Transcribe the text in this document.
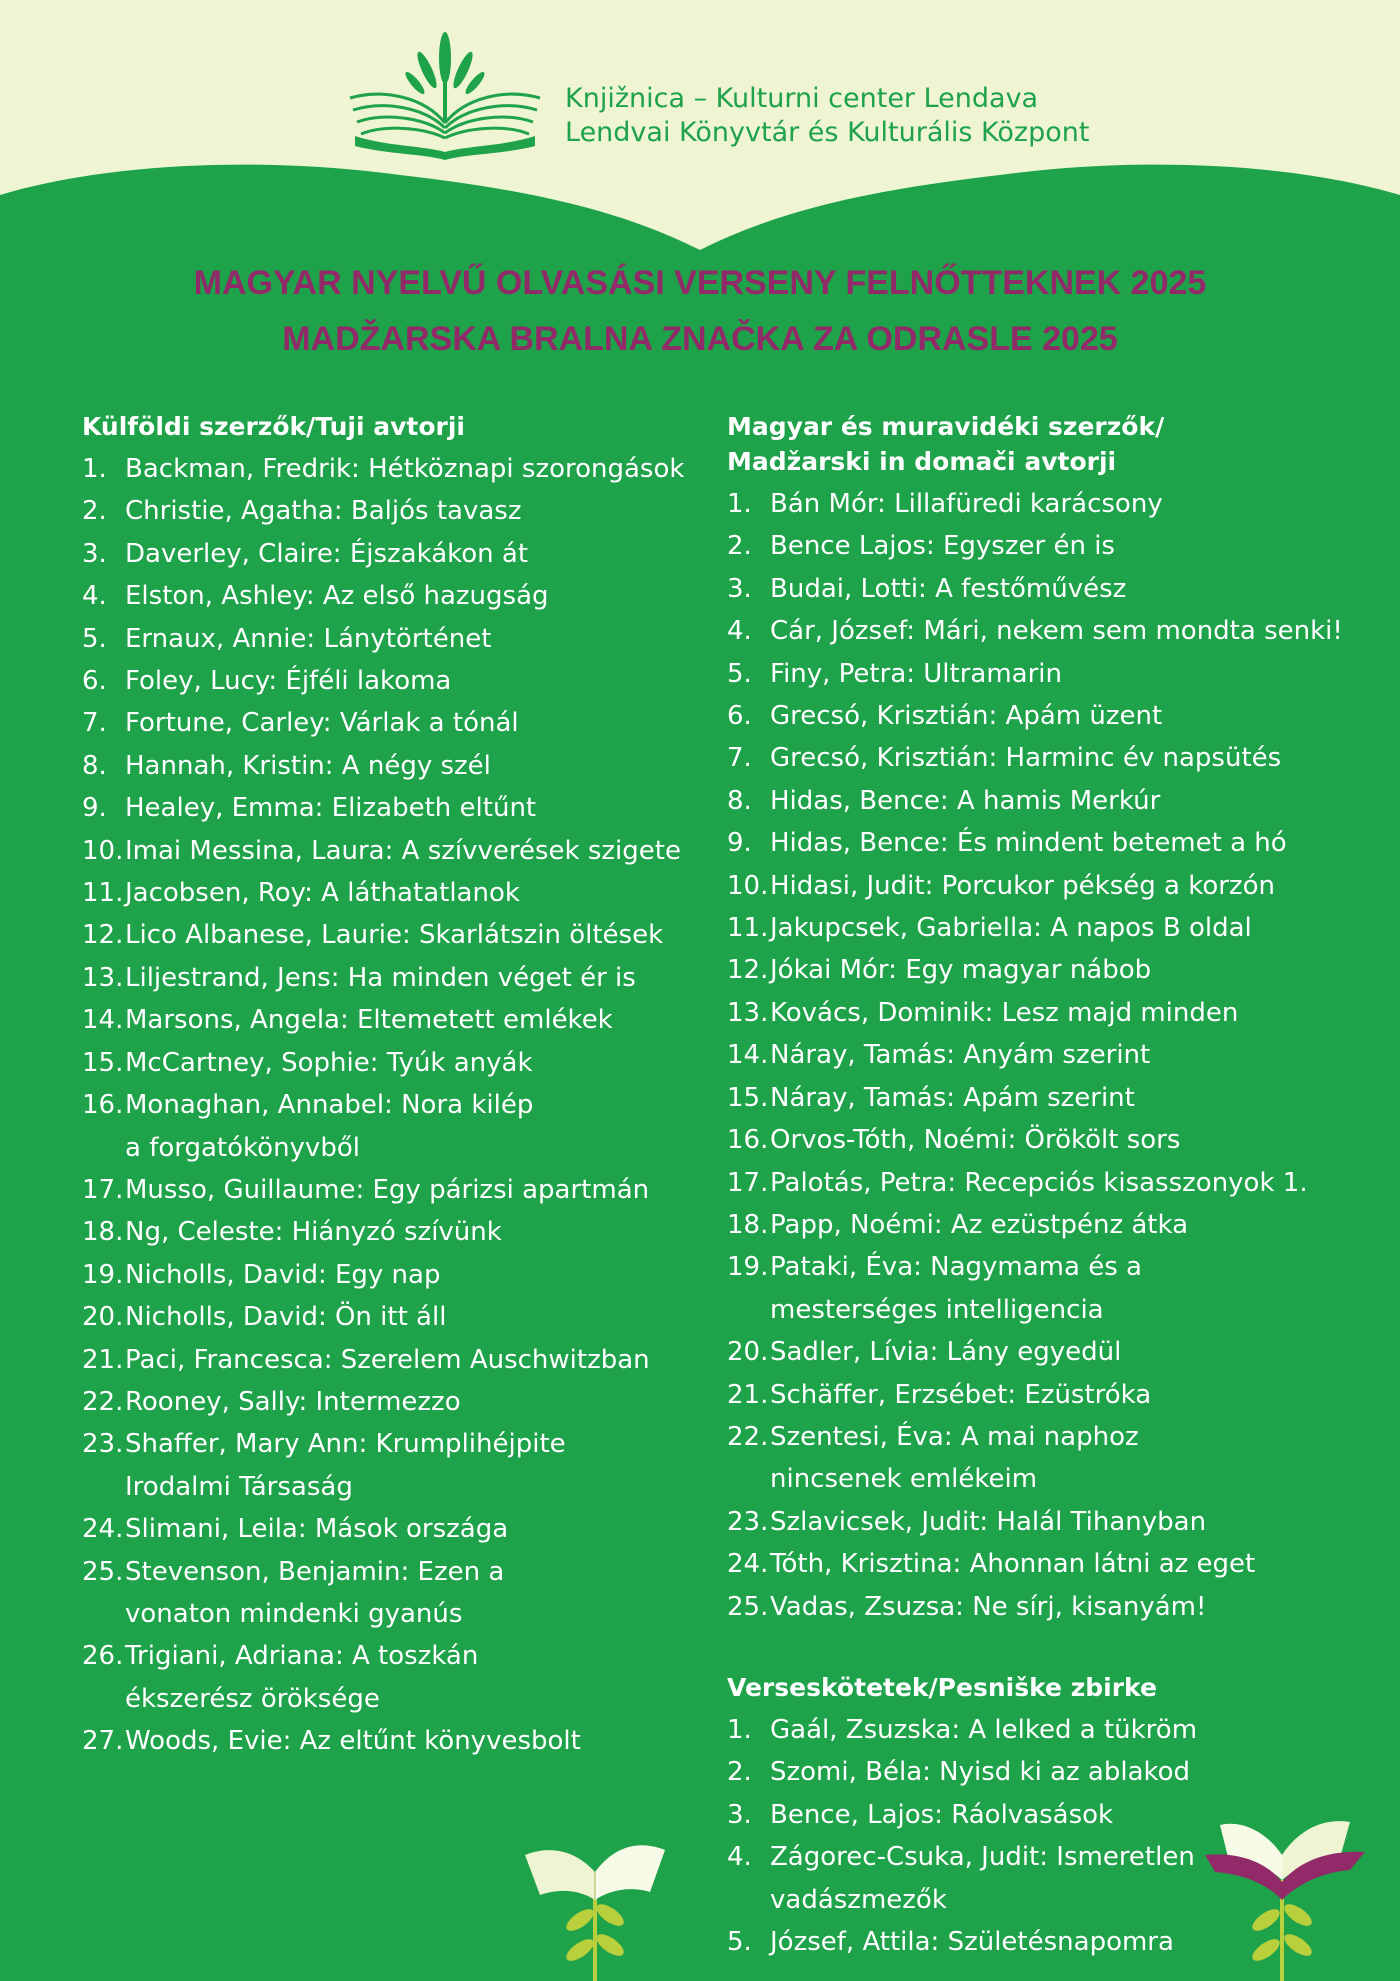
Knjižnica – Kulturni center Lendava
Lendvai Könyvtár és Kulturális Központ
MAGYAR NYELVŰ OLVASÁSI VERSENY FELNŐTTEKNEK 2025
MADŽARSKA BRALNA ZNAČKA ZA ODRASLE 2025
Külföldi szerzők/Tuji avtorji
1. Backman, Fredrik: Hétköznapi szorongások
2. Christie, Agatha: Baljós tavasz
3. Daverley, Claire: Éjszakákon át
4. Elston, Ashley: Az első hazugság
5. Ernaux, Annie: Lánytörténet
6. Foley, Lucy: Éjféli lakoma
7. Fortune, Carley: Várlak a tónál
8. Hannah, Kristin: A négy szél
9. Healey, Emma: Elizabeth eltűnt
10.Imai Messina, Laura: A szívverések szigete
11.Jacobsen, Roy: A láthatatlanok
12.Lico Albanese, Laurie: Skarlátszin öltések
13.Liljestrand, Jens: Ha minden véget ér is
14.Marsons, Angela: Eltemetett emlékek
15.McCartney, Sophie: Tyúk anyák
16.Monaghan, Annabel: Nora kilép
a forgatókönyvből
17.Musso, Guillaume: Egy párizsi apartmán
18.Ng, Celeste: Hiányzó szívünk
19.Nicholls, David: Egy nap
20.Nicholls, David: Ön itt áll
21.Paci, Francesca: Szerelem Auschwitzban
22.Rooney, Sally: Intermezzo
23.Shaffer, Mary Ann: Krumplihéjpite
Irodalmi Társaság
24.Slimani, Leila: Mások országa
25.Stevenson, Benjamin: Ezen a
vonaton mindenki gyanús
26.Trigiani, Adriana: A toszkán
ékszerész öröksége
27.Woods, Evie: Az eltűnt könyvesbolt
Magyar és muravidéki szerzők/
Madžarski in domači avtorji
1. Bán Mór: Lillafüredi karácsony
2. Bence Lajos: Egyszer én is
3. Budai, Lotti: A festőművész
4. Cár, József: Mári, nekem sem mondta senki!
5. Finy, Petra: Ultramarin
6. Grecsó, Krisztián: Apám üzent
7. Grecsó, Krisztián: Harminc év napsütés
8. Hidas, Bence: A hamis Merkúr
9. Hidas, Bence: És mindent betemet a hó
10.Hidasi, Judit: Porcukor pékség a korzón
11.Jakupcsek, Gabriella: A napos B oldal
12.Jókai Mór: Egy magyar nábob
13.Kovács, Dominik: Lesz majd minden
14.Náray, Tamás: Anyám szerint
15.Náray, Tamás: Apám szerint
16.Orvos-Tóth, Noémi: Örökölt sors
17.Palotás, Petra: Recepciós kisasszonyok 1.
18.Papp, Noémi: Az ezüstpénz átka
19.Pataki, Éva: Nagymama és a
mesterséges intelligencia
20.Sadler, Lívia: Lány egyedül
21.Schäffer, Erzsébet: Ezüstróka
22.Szentesi, Éva: A mai naphoz
nincsenek emlékeim
23.Szlavicsek, Judit: Halál Tihanyban
24.Tóth, Krisztina: Ahonnan látni az eget
25.Vadas, Zsuzsa: Ne sírj, kisanyám!
Verseskötetek/Pesniške zbirke
1. Gaál, Zsuzska: A lelked a tükröm
2. Szomi, Béla: Nyisd ki az ablakod
3. Bence, Lajos: Ráolvasások
4. Zágorec-Csuka, Judit: Ismeretlen
vadászmezők
5. József, Attila: Születésnapomra
